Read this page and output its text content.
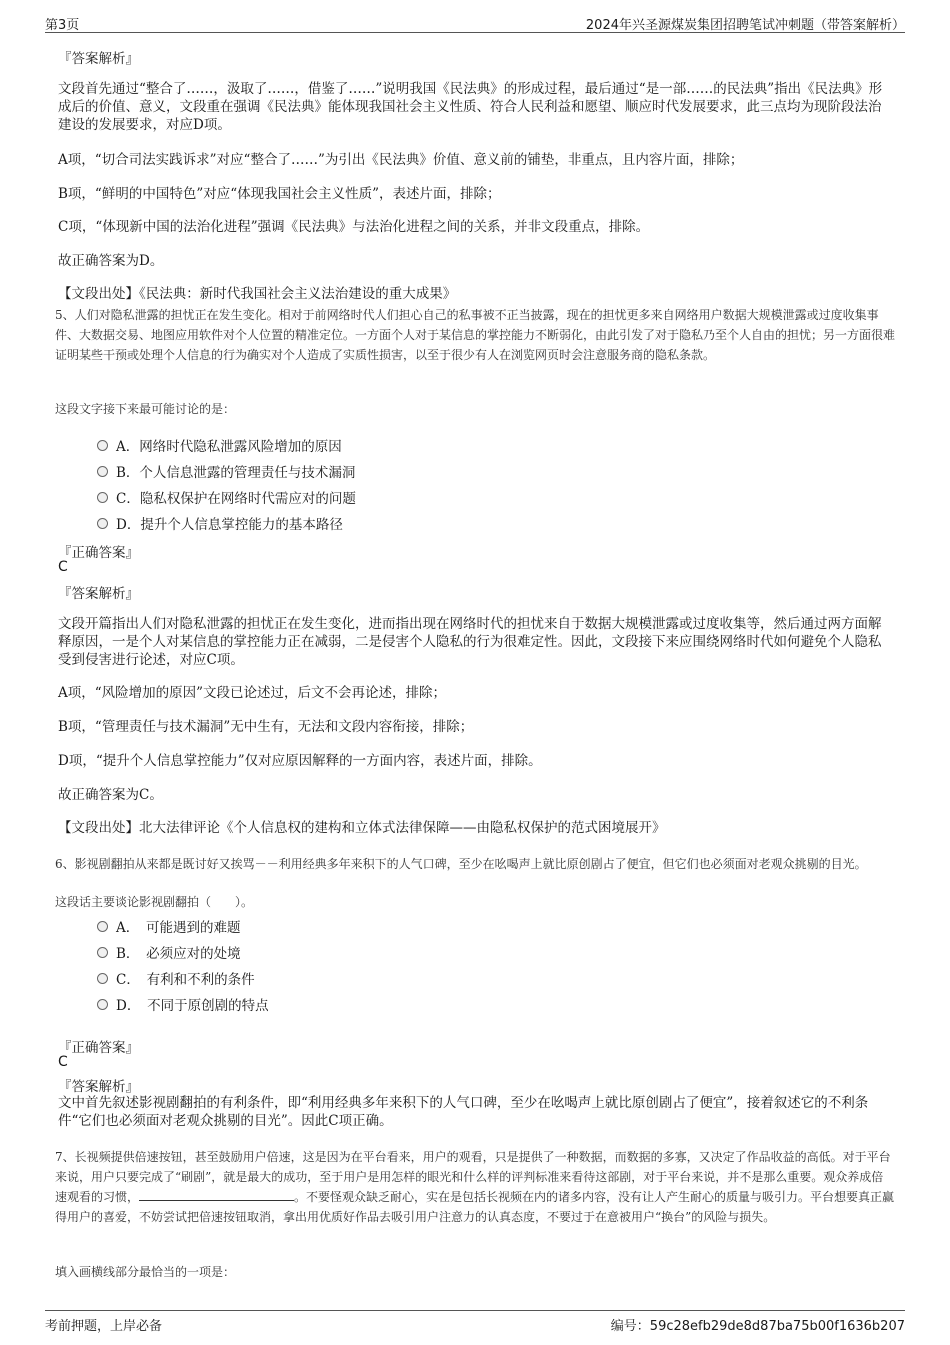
第3页	2024年兴圣源煤炭集团招聘笔试冲刺题（带答案解析）
『答案解析』

文段首先通过“整合了……，汲取了……，借鉴了……”说明我国《民法典》的形成过程，最后通过“是一部……的民法典”指出《民法典》形成后的价值、意义，文段重在强调《民法典》能体现我国社会主义性质、符合人民利益和愿望、顺应时代发展要求，此三点均为现阶段法治建设的发展要求，对应D项。

A项，“切合司法实践诉求”对应“整合了……”为引出《民法典》价值、意义前的铺垫，非重点，且内容片面，排除；

B项，“鲜明的中国特色”对应“体现我国社会主义性质”，表述片面，排除；

C项，“体现新中国的法治化进程”强调《民法典》与法治化进程之间的关系，并非文段重点，排除。

故正确答案为D。

【文段出处】《民法典：新时代我国社会主义法治建设的重大成果》

5、人们对隐私泄露的担忧正在发生变化。相对于前网络时代人们担心自己的私事被不正当披露，现在的担忧更多来自网络用户数据大规模泄露或过度收集事件、大数据交易、地图应用软件对个人位置的精准定位。一方面个人对于某信息的掌控能力不断弱化，由此引发了对于隐私乃至个人自由的担忧；另一方面很难证明某些干预或处理个人信息的行为确实对个人造成了实质性损害，以至于很少有人在浏览网页时会注意服务商的隐私条款。

这段文字接下来最可能讨论的是：

A．网络时代隐私泄露风险增加的原因
B．个人信息泄露的管理责任与技术漏洞
C．隐私权保护在网络时代需应对的问题
D．提升个人信息掌控能力的基本路径
『正确答案』
C
『答案解析』

文段开篇指出人们对隐私泄露的担忧正在发生变化，进而指出现在网络时代的担忧来自于数据大规模泄露或过度收集等，然后通过两方面解释原因，一是个人对某信息的掌控能力正在减弱，二是侵害个人隐私的行为很难定性。因此，文段接下来应围绕网络时代如何避免个人隐私受到侵害进行论述，对应C项。

A项，“风险增加的原因”文段已论述过，后文不会再论述，排除；

B项，“管理责任与技术漏洞”无中生有，无法和文段内容衔接，排除；

D项，“提升个人信息掌控能力”仅对应原因解释的一方面内容，表述片面，排除。

故正确答案为C。

【文段出处】北大法律评论《个人信息权的建构和立体式法律保障——由隐私权保护的范式困境展开》

6、影视剧翻拍从来都是既讨好又挨骂－－利用经典多年来积下的人气口碑，至少在吆喝声上就比原创剧占了便宜，但它们也必须面对老观众挑剔的目光。

这段话主要谈论影视剧翻拍（　　）。

A．　可能遇到的难题
B．　必须应对的处境
C．　有利和不利的条件
D．　不同于原创剧的特点
『正确答案』
C
『答案解析』

文中首先叙述影视剧翻拍的有利条件，即“利用经典多年来积下的人气口碑，至少在吆喝声上就比原创剧占了便宜”，接着叙述它的不利条件“它们也必须面对老观众挑剔的目光”。因此C项正确。

7、长视频提供倍速按钮，甚至鼓励用户倍速，这是因为在平台看来，用户的观看，只是提供了一种数据，而数据的多寡，又决定了作品收益的高低。对于平台来说，用户只要完成了“刷剧”，就是最大的成功，至于用户是用怎样的眼光和什么样的评判标准来看待这部剧，对于平台来说，并不是那么重要。观众养成倍速观看的习惯，	。不要怪观众缺乏耐心，实在是包括长视频在内的诸多内容，没有让人产生耐心的质量与吸引力。平台想要真正赢得用户的喜爱，不妨尝试把倍速按钮取消，拿出用优质好作品去吸引用户注意力的认真态度，不要过于在意被用户“换台”的风险与损失。

填入画横线部分最恰当的一项是：

考前押题，上岸必备	编号：59c28efb29de8d87ba75b00f1636b207
